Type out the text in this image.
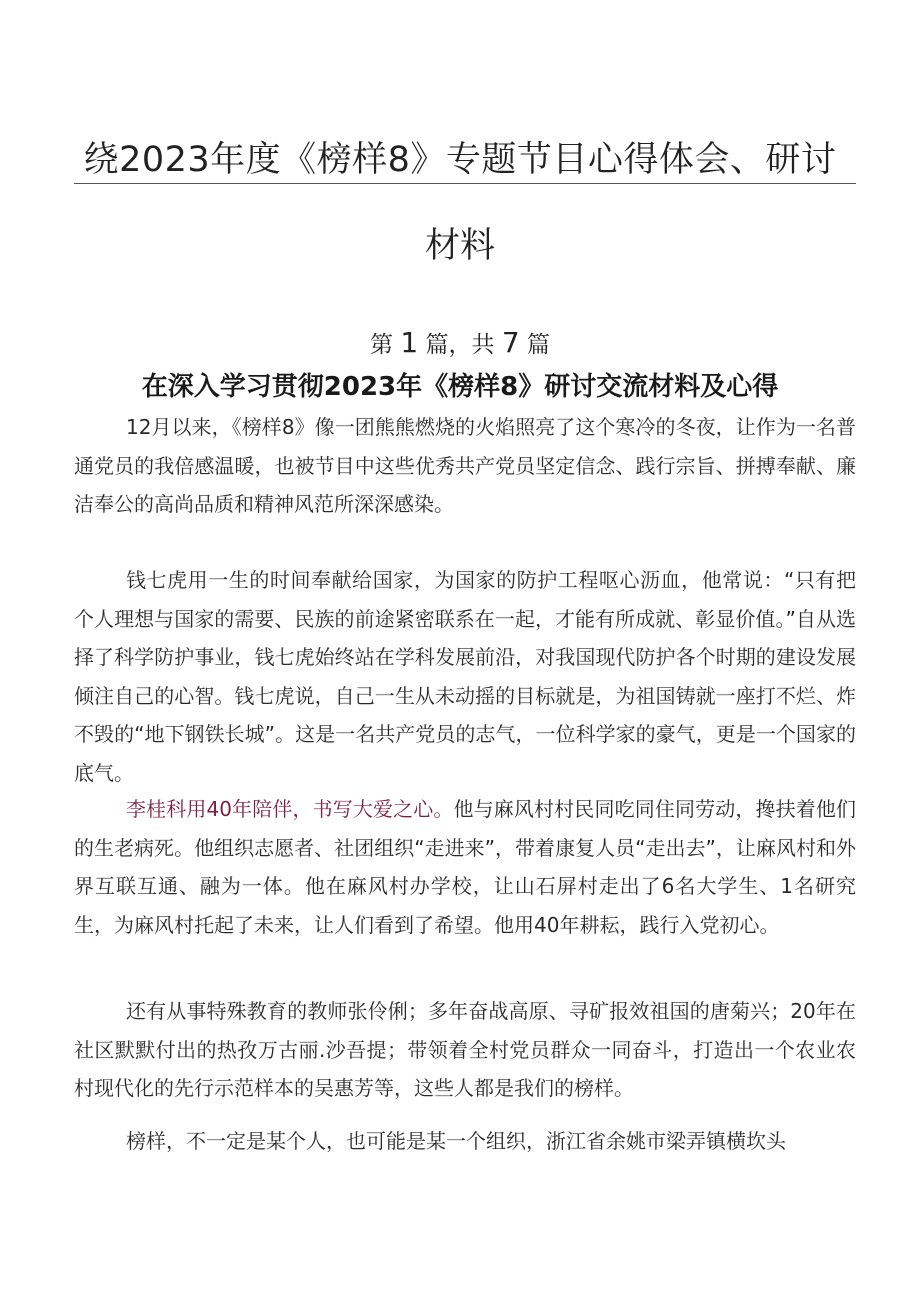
绕2023年度《榜样8》专题节目心得体会、研讨
材料
第 1 篇，共 7 篇
在深入学习贯彻2023年《榜样8》研讨交流材料及心得

12月以来，《榜样8》像一团熊熊燃烧的火焰照亮了这个寒冷的冬夜，让作为一名普通党员的我倍感温暖，也被节目中这些优秀共产党员坚定信念、践行宗旨、拼搏奉献、廉洁奉公的高尚品质和精神风范所深深感染。

钱七虎用一生的时间奉献给国家，为国家的防护工程呕心沥血，他常说：“只有把个人理想与国家的需要、民族的前途紧密联系在一起，才能有所成就、彰显价值。”自从选择了科学防护事业，钱七虎始终站在学科发展前沿，对我国现代防护各个时期的建设发展倾注自己的心智。钱七虎说，自己一生从未动摇的目标就是，为祖国铸就一座打不烂、炸不毁的“地下钢铁长城”。这是一名共产党员的志气，一位科学家的豪气，更是一个国家的底气。

李桂科用40年陪伴，书写大爱之心。他与麻风村村民同吃同住同劳动，搀扶着他们的生老病死。他组织志愿者、社团组织“走进来”，带着康复人员“走出去”，让麻风村和外界互联互通、融为一体。他在麻风村办学校，让山石屏村走出了6名大学生、1名研究生，为麻风村托起了未来，让人们看到了希望。他用40年耕耘，践行入党初心。

还有从事特殊教育的教师张伶俐；多年奋战高原、寻矿报效祖国的唐菊兴；20年在社区默默付出的热孜万古丽.沙吾提；带领着全村党员群众一同奋斗，打造出一个农业农村现代化的先行示范样本的吴惠芳等，这些人都是我们的榜样。

榜样，不一定是某个人，也可能是某一个组织，浙江省余姚市梁弄镇横坎头
